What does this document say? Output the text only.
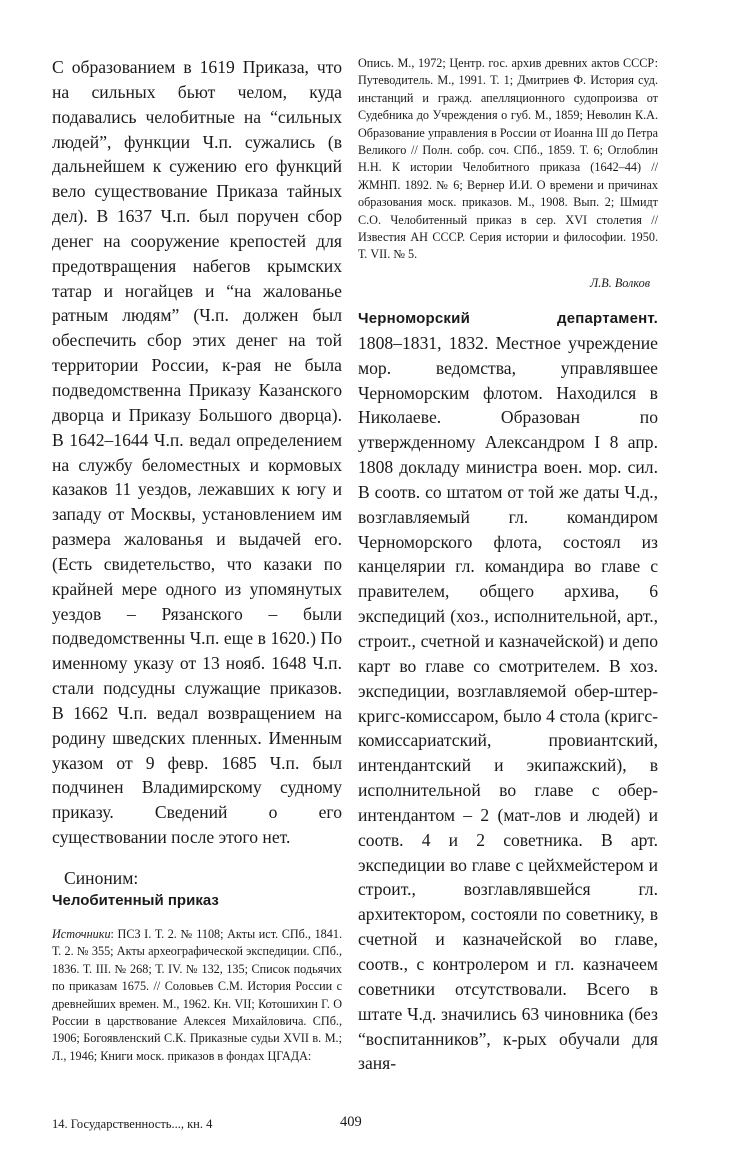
С образованием в 1619 Приказа, что на сильных бьют челом, куда подавались челобитные на “сильных людей”, функции Ч.п. сужались (в дальнейшем к сужению его функций вело существование Приказа тайных дел). В 1637 Ч.п. был поручен сбор денег на сооружение крепостей для предотвращения набегов крымских татар и ногайцев и “на жалованье ратным людям” (Ч.п. должен был обеспечить сбор этих денег на той территории России, к-рая не была подведомственна Приказу Казанского дворца и Приказу Большого дворца). В 1642–1644 Ч.п. ведал определением на службу беломестных и кормовых казаков 11 уездов, лежавших к югу и западу от Москвы, установлением им размера жалованья и выдачей его. (Есть свидетельство, что казаки по крайней мере одного из упомянутых уездов – Рязанского – были подведомственны Ч.п. еще в 1620.) По именному указу от 13 нояб. 1648 Ч.п. стали подсудны служащие приказов. В 1662 Ч.п. ведал возвращением на родину шведских пленных. Именным указом от 9 февр. 1685 Ч.п. был подчинен Владимирскому судному приказу. Сведений о его существовании после этого нет.

Синоним:
Челобитенный приказ

Источники: ПСЗ I. Т. 2. № 1108; Акты ист. СПб., 1841. Т. 2. № 355; Акты археографической экспедиции. СПб., 1836. Т. III. № 268; Т. IV. № 132, 135; Список подьячих по приказам 1675. // Соловьев С.М. История России с древнейших времен. М., 1962. Кн. VII; Котошихин Г. О России в царствование Алексея Михайловича. СПб., 1906; Богоявленский С.К. Приказные судьи XVII в. М.; Л., 1946; Книги моск. приказов в фондах ЦГАДА:

Опись. М., 1972; Центр. гос. архив древних актов СССР: Путеводитель. М., 1991. Т. 1; Дмитриев Ф. История суд. инстанций и гражд. апелляционного судопроизва от Судебника до Учреждения о губ. М., 1859; Неволин К.А. Образование управления в России от Иоанна III до Петра Великого // Полн. собр. соч. СПб., 1859. Т. 6; Оглоблин Н.Н. К истории Челобитного приказа (1642–44) // ЖМНП. 1892. № 6; Вернер И.И. О времени и причинах образования моск. приказов. М., 1908. Вып. 2; Шмидт С.О. Челобитенный приказ в сер. XVI столетия // Известия АН СССР. Серия истории и философии. 1950. Т. VII. № 5.

Л.В. Волков
Черноморский	департамент.

1808–1831, 1832. Местное учреждение мор. ведомства, управлявшее Черноморским флотом. Находился в Николаеве. Образован по утвержденному Александром I 8 апр. 1808 докладу министра воен. мор. сил. В соотв. со штатом от той же даты Ч.д., возглавляемый гл. командиром Черноморского флота, состоял из канцелярии гл. командира во главе с правителем, общего архива, 6 экспедиций (хоз., исполнительной, арт., строит., счетной и казначейской) и депо карт во главе со смотрителем. В хоз. экспедиции, возглавляемой обер-штер-кригс-комиссаром, было 4 стола (кригс-комиссариатский, провиантский, интендантский и экипажский), в исполнительной во главе с обер-интендантом – 2 (мат-лов и людей) и соотв. 4 и 2 советника. В арт. экспедиции во главе с цейхмейстером и строит., возглавлявшейся гл. архитектором, состояли по советнику, в счетной и казначейской во главе, соотв., с контролером и гл. казначеем советники отсутствовали. Всего в штате Ч.д. значились 63 чиновника (без “воспитанников”, к-рых обучали для заня-

14. Государственность..., кн. 4	409
